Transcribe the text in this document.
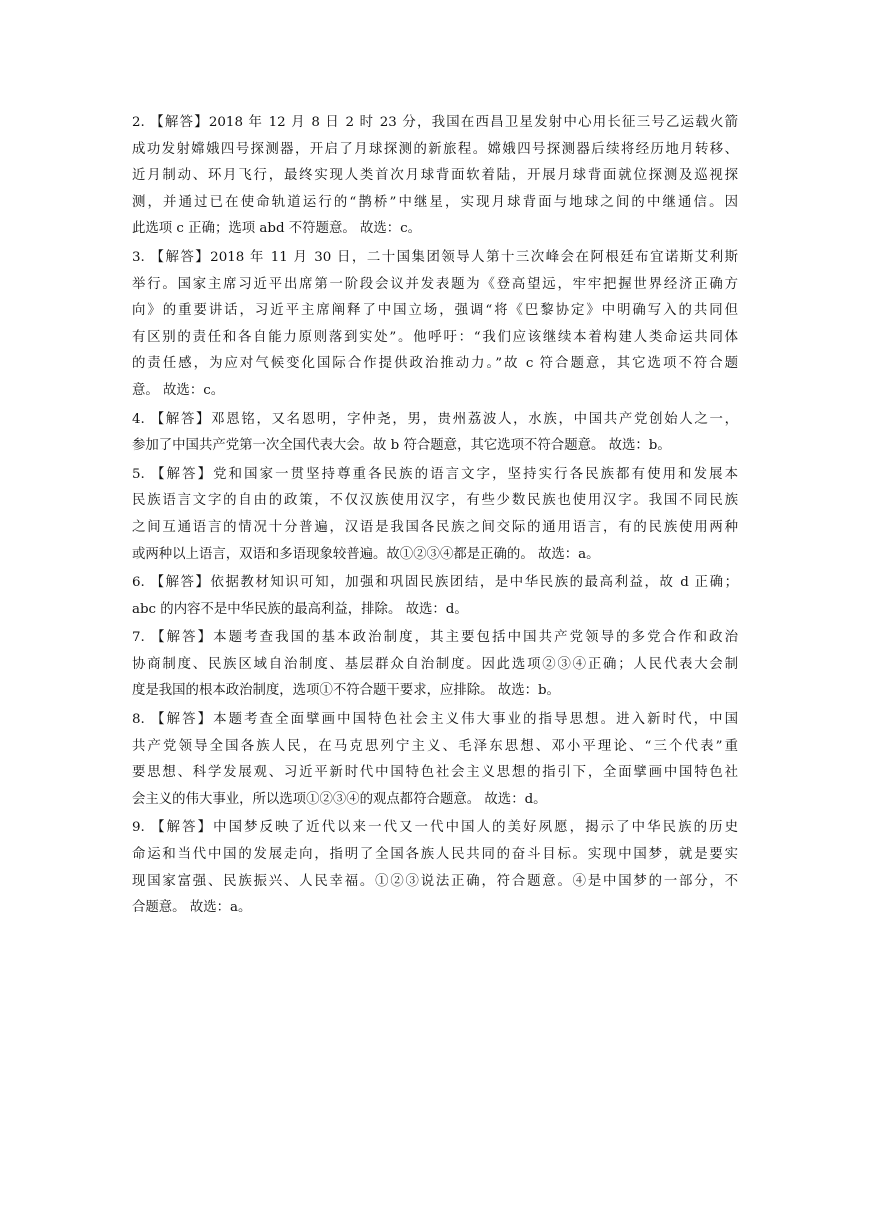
2. 【解答】2018 年 12 月 8 日 2 时 23 分，我国在西昌卫星发射中心用长征三号乙运载火箭
成功发射嫦娥四号探测器，开启了月球探测的新旅程。嫦娥四号探测器后续将经历地月转移、
近月制动、环月飞行，最终实现人类首次月球背面软着陆，开展月球背面就位探测及巡视探
测，并通过已在使命轨道运行的“鹊桥”中继星，实现月球背面与地球之间的中继通信。因
此选项 c 正确；选项 abd 不符题意。 故选：c。
3. 【解答】2018 年 11 月 30 日，二十国集团领导人第十三次峰会在阿根廷布宜诺斯艾利斯
举行。国家主席习近平出席第一阶段会议并发表题为《登高望远，牢牢把握世界经济正确方
向》的重要讲话，习近平主席阐释了中国立场，强调“将《巴黎协定》中明确写入的共同但
有区别的责任和各自能力原则落到实处”。他呼吁：“我们应该继续本着构建人类命运共同体
的责任感，为应对气候变化国际合作提供政治推动力。”故 c 符合题意，其它选项不符合题
意。 故选：c。
4. 【解答】邓恩铭，又名恩明，字仲尧，男，贵州荔波人，水族，中国共产党创始人之一，
参加了中国共产党第一次全国代表大会。故 b 符合题意，其它选项不符合题意。 故选：b。
5. 【解答】党和国家一贯坚持尊重各民族的语言文字，坚持实行各民族都有使用和发展本
民族语言文字的自由的政策，不仅汉族使用汉字，有些少数民族也使用汉字。我国不同民族
之间互通语言的情况十分普遍，汉语是我国各民族之间交际的通用语言，有的民族使用两种
或两种以上语言，双语和多语现象较普遍。故①②③④都是正确的。 故选：a。
6. 【解答】依据教材知识可知，加强和巩固民族团结，是中华民族的最高利益，故 d 正确；
abc 的内容不是中华民族的最高利益，排除。 故选：d。
7. 【解答】本题考查我国的基本政治制度，其主要包括中国共产党领导的多党合作和政治
协商制度、民族区域自治制度、基层群众自治制度。因此选项②③④正确；人民代表大会制
度是我国的根本政治制度，选项①不符合题干要求，应排除。 故选：b。
8. 【解答】本题考查全面擘画中国特色社会主义伟大事业的指导思想。进入新时代，中国
共产党领导全国各族人民，在马克思列宁主义、毛泽东思想、邓小平理论、“三个代表”重
要思想、科学发展观、习近平新时代中国特色社会主义思想的指引下，全面擘画中国特色社
会主义的伟大事业，所以选项①②③④的观点都符合题意。 故选：d。
9. 【解答】中国梦反映了近代以来一代又一代中国人的美好夙愿，揭示了中华民族的历史
命运和当代中国的发展走向，指明了全国各族人民共同的奋斗目标。实现中国梦，就是要实
现国家富强、民族振兴、人民幸福。①②③说法正确，符合题意。④是中国梦的一部分，不
合题意。 故选：a。
